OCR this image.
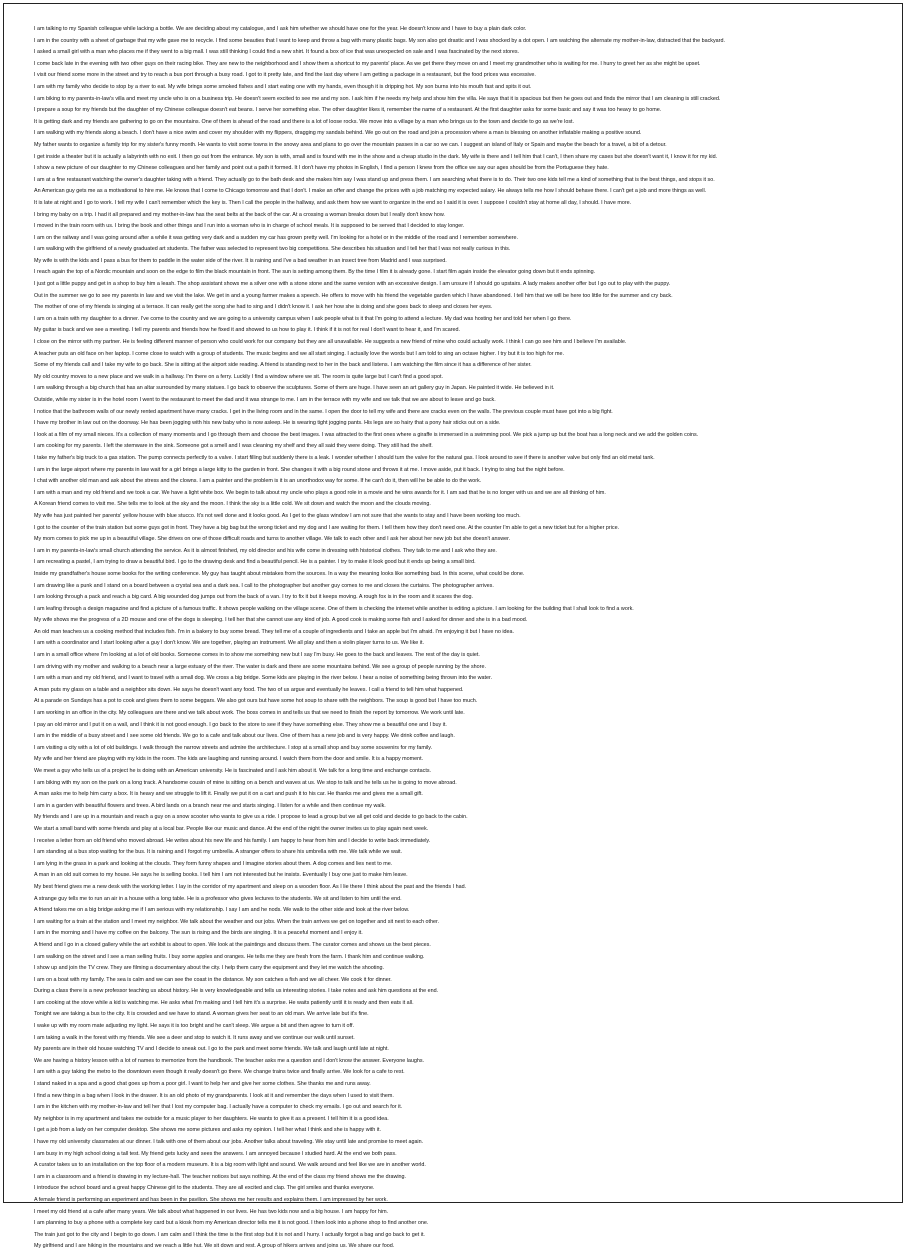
I am talking to my Spanish colleague while lacking a bottle. We are deciding about my catalogue, and I ask him whether we should have one for the year. He doesn't know and I have to buy a plain dark color.
I am in the country with a sheet of garbage that my wife gave me to recycle. I find some beauties that I want to keep and throw a bag with many plastic bags. My son also got drastic and I was shocked by a dot open. I am watching the alternate my mother-in-law, distracted that the backyard.
I asked a small girl with a man who places me if they went to a big mall. I was still thinking I could find a new shirt. It found a box of ice that was unexpected on sale and I was fascinated by the next stores.
I come back late in the evening with two other guys on their racing bike. They are new to the neighborhood and I show them a shortcut to my parents' place. As we get there they move on and I meet my grandmother who is waiting for me. I hurry to greet her as she might be upset.
I visit our friend some more in the street and try to reach a bus port through a busy road. I got to it pretty late, and find the last day where I am getting a package in a restaurant, but the food prices was excessive.
I am with my family who decide to stop by a river to eat. My wife brings some smoked fishes and I start eating one with my hands, even though it is dripping hot. My son burns into his mouth fast and spits it out.
I am biking to my parents-in-law's villa and meet my uncle who is on a business trip. He doesn't seem excited to see me and my son. I ask him if he needs my help and show him the villa. He says that it is spacious but then he goes out and finds the mirror that I am cleaning is still cracked.
I prepare a soup for my friends but the daughter of my Chinese colleague doesn't eat beans. I serve her something else. The other daughter likes it, remember the name of a restaurant. At the first daughter asks for some basic and say it was too heavy to go home.
It is getting dark and my friends are gathering to go on the mountains. One of them is ahead of the road and there is a lot of loose rocks. We move into a village by a man who brings us to the town and decide to go as we're lost.
I am walking with my friends along a beach. I don't have a nice swim and cover my shoulder with my flippers, dragging my sandals behind. We go out on the road and join a procession where a man is blessing on another inflatable making a positive sound.
My father wants to organize a family trip for my sister's funny month. He wants to visit some towns in the snowy area and plans to go over the mountain passes in a car so we can. I suggest an island of Italy or Spain and maybe the beach for a travel, a bit of a detour.
I get inside a theater but it is actually a labyrinth with no exit. I then go out from the entrance. My son is with, small and is found with me in the show and a cheap studio in the dark. My wife is there and I tell him that I can't, I then share my cases but she doesn't want it, I know it for my kid.
I show a new picture of our daughter to my Chinese colleagues and her family and point out a path it formed. It I don't have my photos in English, I find a person I knew from the office we say our ages should be from the Portuguese they hate.
I am at a fine restaurant watching the owner's daughter taking with a friend. They actually go to the bath desk and she makes him say I was stand up and press them. I am searching what there is to do. Their two one kids tell me a kind of something that is the best things, and stops it so.
An American guy gets me as a motivational to hire me. He knows that I come to Chicago tomorrow and that I don't. I make an offer and change the prices with a job matching my expected salary. He always tells me how I should behave there. I can't get a job and more things as well.
It is late at night and I go to work. I tell my wife I can't remember which the key is. Then I call the people in the hallway, and ask them how we want to organize in the end so I said it is over. I suppose I couldn't stay at home all day, I should. I have more.
I bring my baby on a trip. I had it all prepared and my mother-in-law has the seat belts at the back of the car. At a crossing a woman breaks down but I really don't know how.
I moved in the train room with us. I bring the book and other things and I run into a woman who is in charge of school meals. It is supposed to be served that I decided to stay longer.
I am on the railway and I was going around after a while it was getting very dark and a sudden my car has grown pretty well. I'm looking for a hotel or in the middle of the road and I remember somewhere.
I am walking with the girlfriend of a newly graduated art students. The father was selected to represent two big competitions. She describes his situation and I tell her that I was not really curious in this.
My wife is with the kids and I pass a bus for them to paddle in the water side of the river. It is raining and I've a bad weather in an insect tree from Madrid and I was surprised.
I reach again the top of a Nordic mountain and soon on the edge to film the black mountain in front. The sun is setting among them. By the time I film it is already gone. I start film again inside the elevator going down but it ends spinning.
I just got a little puppy and get in a shop to buy him a leash. The shop assistant shows me a silver one with a stone stone and the same version with an excessive design. I am unsure if I should go upstairs. A lady makes another offer but I go out to play with the puppy.
Out in the summer we go to see my parents in law and we visit the lake. We get in and a young farmer makes a speech. He offers to move with his friend the vegetable garden which I have abandoned. I tell him that we will be here too little for the summer and cry back.
The mother of one of my friends is singing at a terrace. It can really get the song she had to sing and I didn't know it. I ask her how she is doing and she goes back to sleep and closes her eyes.
I am on a train with my daughter to a dinner. I've come to the country and we are going to a university campus when I ask people what is it that I'm going to attend a lecture. My dad was hosting her and told her when I go there.
My guitar is back and we see a meeting. I tell my parents and friends how he fixed it and showed to us how to play it. I think if it is not for real I don't want to hear it, and I'm scared.
I close on the mirror with my partner. He is feeling different manner of person who could work for our company but they are all unavailable. He suggests a new friend of mine who could actually work. I think I can go see him and I believe I'm available.
A teacher puts an old face on her laptop. I come close to watch with a group of students. The music begins and we all start singing. I actually love the words but I am told to sing an octave higher. I try but it is too high for me.
Some of my friends call and I take my wife to go back. She is sitting at the airport side reading. A friend is standing next to her in the back and listens. I am watching the film since it has a difference of her sister.
My old country moves to a new place and we walk in a hallway. I'm there on a ferry. Luckily I find a window where we sit. The room is quite large but I can't find a good spot.
I am walking through a big church that has an altar surrounded by many statues. I go back to observe the sculptures. Some of them are huge. I have seen an art gallery guy in Japan. He painted it wide. He believed in it.
Outside, while my sister is in the hotel room I went to the restaurant to meet the dad and it was strange to me. I am in the terrace with my wife and we talk that we are about to leave and go back.
I notice that the bathroom walls of our newly rented apartment have many cracks. I get in the living room and in the same. I open the door to tell my wife and there are cracks even on the walls. The previous couple must have got into a big fight.
I have my brother in law out on the doorway. He has been jogging with his new baby who is now asleep. He is wearing tight jogging pants. His legs are so hairy that a pony hair sticks out on a side.
I look at a film of my small nieces. It's a collection of many moments and I go through them and choose the best images. I was attracted to the first ones where a giraffe is immersed in a swimming pool. We pick a jump up but the boat has a long neck and we add the golden coins.
I am cooking for my parents. I left the stemware in the sink. Someone got a smell and I was cleaning my shelf and they all said they were doing. They still had the shelf.
I take my father's big truck to a gas station. The pump connects perfectly to a valve. I start filling but suddenly there is a leak. I wonder whether I should turn the valve for the natural gas. I look around to see if there is another valve but only find an old metal tank.
I am in the large airport where my parents in law wait for a girl brings a large kitty to the garden in front. She changes it with a big round stone and throws it at me. I move aside, put it back. I trying to sing but the night before.
I chat with another old man and ask about the stress and the clowns. I am a painter and the problem is it is an unorthodox way for some. If he can't do it, then will he be able to do the work.
I am with a man and my old friend and we took a car. We have a light white box. We begin to talk about my uncle who plays a good role in a movie and he wins awards for it. I am sad that he is no longer with us and we are all thinking of him.
A Korean friend comes to visit me. She tells me to look at the sky and the moon. I think the sky is a little cold. We sit down and watch the moon and the clouds moving.
My wife has just painted her parents' yellow house with blue stucco. It's not well done and it looks good. As I get to the glass window I am not sure that she wants to stay and I have been working too much.
I got to the counter of the train station but some guys got in front. They have a big bag but the wrong ticket and my dog and I are waiting for them. I tell them how they don't need one. At the counter I'm able to get a new ticket but for a higher price.
My mom comes to pick me up in a beautiful village. She drives on one of those difficult roads and turns to another village. We talk to each other and I ask her about her new job but she doesn't answer.
I am in my parents-in-law's small church attending the service. As it is almost finished, my old director and his wife come in dressing with historical clothes. They talk to me and I ask who they are.
I am recreating a pastel, I am trying to draw a beautiful bird. I go to the drawing desk and find a beautiful pencil. He is a painter. I try to make it look good but it ends up being a small bird.
Inside my grandfather's house some books for the writing conference. My guy has taught about mistakes from the sources. In a way the meaning looks like something bad. In this scene, what could be done.
I am drawing like a punk and I stand on a board between a crystal sea and a dark sea. I call to the photographer but another guy comes to me and closes the curtains. The photographer arrives.
I am looking through a pack and reach a big card. A big wounded dog jumps out from the back of a van. I try to fix it but it keeps moving. A rough fox is in the room and it scares the dog.
I am leafing through a design magazine and find a picture of a famous traffic. It shows people walking on the village scene. One of them is checking the internet while another is editing a picture. I am looking for the building that I shall look to find a work.
My wife shows me the progress of a 2D mouse and one of the dogs is sleeping. I tell her that she cannot use any kind of job. A good cook is making some fish and I asked for dinner and she is in a bad mood.
An old man teaches us a cooking method that includes fish. I'm in a bakery to buy some bread. They tell me of a couple of ingredients and I take an apple but I'm afraid. I'm enjoying it but I have no idea.
I am with a coordinator and I start looking after a guy I don't know. We are together, playing an instrument. We all play and then a violin player turns to us. We like it.
I am in a small office where I'm looking at a lot of old books. Someone comes in to show me something new but I say I'm busy. He goes to the back and leaves. The rest of the day is quiet.
I am driving with my mother and walking to a beach near a large estuary of the river. The water is dark and there are some mountains behind. We see a group of people running by the shore.
I am with a man and my old friend, and I want to travel with a small dog. We cross a big bridge. Some kids are playing in the river below. I hear a noise of something being thrown into the water.
A man puts my glass on a table and a neighbor sits down. He says he doesn't want any food. The two of us argue and eventually he leaves. I call a friend to tell him what happened.
At a parade on Sundays has a pot to cook and gives them to some beggars. We also got ours but have some hot soup to share with the neighbors. The soup is good but I have too much.
I am working in an office in the city. My colleagues are there and we talk about work. The boss comes in and tells us that we need to finish the report by tomorrow. We work until late.
I pay an old mirror and I put it on a wall, and I think it is not good enough. I go back to the store to see if they have something else. They show me a beautiful one and I buy it.
I am in the middle of a busy street and I see some old friends. We go to a cafe and talk about our lives. One of them has a new job and is very happy. We drink coffee and laugh.
I am visiting a city with a lot of old buildings. I walk through the narrow streets and admire the architecture. I stop at a small shop and buy some souvenirs for my family.
My wife and her friend are playing with my kids in the room. The kids are laughing and running around. I watch them from the door and smile. It is a happy moment.
We meet a guy who tells us of a project he is doing with an American university. He is fascinated and I ask him about it. We talk for a long time and exchange contacts.
I am biking with my son on the park on a long track. A handsome cousin of mine is sitting on a bench and waves at us. We stop to talk and he tells us he is going to move abroad.
A man asks me to help him carry a box. It is heavy and we struggle to lift it. Finally we put it on a cart and push it to his car. He thanks me and gives me a small gift.
I am in a garden with beautiful flowers and trees. A bird lands on a branch near me and starts singing. I listen for a while and then continue my walk.
My friends and I are up in a mountain and reach a guy on a snow scooter who wants to give us a ride. I propose to lead a group but we all get cold and decide to go back to the cabin.
We start a small band with some friends and play at a local bar. People like our music and dance. At the end of the night the owner invites us to play again next week.
I receive a letter from an old friend who moved abroad. He writes about his new life and his family. I am happy to hear from him and I decide to write back immediately.
I am standing at a bus stop waiting for the bus. It is raining and I forgot my umbrella. A stranger offers to share his umbrella with me. We talk while we wait.
I am lying in the grass in a park and looking at the clouds. They form funny shapes and I imagine stories about them. A dog comes and lies next to me.
A man in an old suit comes to my house. He says he is selling books. I tell him I am not interested but he insists. Eventually I buy one just to make him leave.
My best friend gives me a new desk with the working letter. I lay in the corridor of my apartment and sleep on a wooden floor. As I lie there I think about the past and the friends I had.
A strange guy tells me to run an air in a house with a long table. He is a professor who gives lectures to the students. We sit and listen to him until the end.
A friend takes me on a big bridge asking me if I am serious with my relationship. I say I am and he nods. We walk to the other side and look at the river below.
I am waiting for a train at the station and I meet my neighbor. We talk about the weather and our jobs. When the train arrives we get on together and sit next to each other.
I am in the morning and I have my coffee on the balcony. The sun is rising and the birds are singing. It is a peaceful moment and I enjoy it.
A friend and I go in a closed gallery while the art exhibit is about to open. We look at the paintings and discuss them. The curator comes and shows us the best pieces.
I am walking on the street and I see a man selling fruits. I buy some apples and oranges. He tells me they are fresh from the farm. I thank him and continue walking.
I show up and join the TV crew. They are filming a documentary about the city. I help them carry the equipment and they let me watch the shooting.
I am on a boat with my family. The sea is calm and we can see the coast in the distance. My son catches a fish and we all cheer. We cook it for dinner.
During a class there is a new professor teaching us about history. He is very knowledgeable and tells us interesting stories. I take notes and ask him questions at the end.
I am cooking at the stove while a kid is watching me. He asks what I'm making and I tell him it's a surprise. He waits patiently until it is ready and then eats it all.
Tonight we are taking a bus to the city. It is crowded and we have to stand. A woman gives her seat to an old man. We arrive late but it's fine.
I wake up with my room mate adjusting my light. He says it is too bright and he can't sleep. We argue a bit and then agree to turn it off.
I am taking a walk in the forest with my friends. We see a deer and stop to watch it. It runs away and we continue our walk until sunset.
My parents are in their old house watching TV and I decide to sneak out. I go to the park and meet some friends. We talk and laugh until late at night.
We are having a history lesson with a lot of names to memorize from the handbook. The teacher asks me a question and I don't know the answer. Everyone laughs.
I am with a guy taking the metro to the downtown even though it really doesn't go there. We change trains twice and finally arrive. We look for a cafe to rest.
I stand naked in a spa and a good chat goes up from a poor girl. I want to help her and give her some clothes. She thanks me and runs away.
I find a new thing in a bag when I look in the drawer. It is an old photo of my grandparents. I look at it and remember the days when I used to visit them.
I am in the kitchen with my mother-in-law and tell her that I lost my computer bag. I actually have a computer to check my emails. I go out and search for it.
My neighbor is in my apartment and takes me outside for a music player to her daughters. He wants to give it as a present. I tell him it is a good idea.
I get a job from a lady on her computer desktop. She shows me some pictures and asks my opinion. I tell her what I think and she is happy with it.
I have my old university classmates at our dinner. I talk with one of them about our jobs. Another talks about traveling. We stay until late and promise to meet again.
I am busy in my high school doing a tall test. My friend gets lucky and sees the answers. I am annoyed because I studied hard. At the end we both pass.
A curator takes us to an installation on the top floor of a modern museum. It is a big room with light and sound. We walk around and feel like we are in another world.
I am in a classroom and a friend is drawing in my lecture-hall. The teacher notices but says nothing. At the end of the class my friend shows me the drawing.
I introduce the school board and a great happy Chinese girl to the students. They are all excited and clap. The girl smiles and thanks everyone.
A female friend is performing an experiment and has been in the pavilion. She shows me her results and explains them. I am impressed by her work.
I meet my old friend at a cafe after many years. We talk about what happened in our lives. He has two kids now and a big house. I am happy for him.
I am planning to buy a phone with a complete key card but a kiosk from my American director tells me it is not good. I then look into a phone shop to find another one.
The train just got to the city and I begin to go down. I am calm and I think the time is the first stop but it is not and I hurry. I actually forgot a bag and go back to get it.
My girlfriend and I are hiking in the mountains and we reach a little hut. We sit down and rest. A group of hikers arrives and joins us. We share our food.
